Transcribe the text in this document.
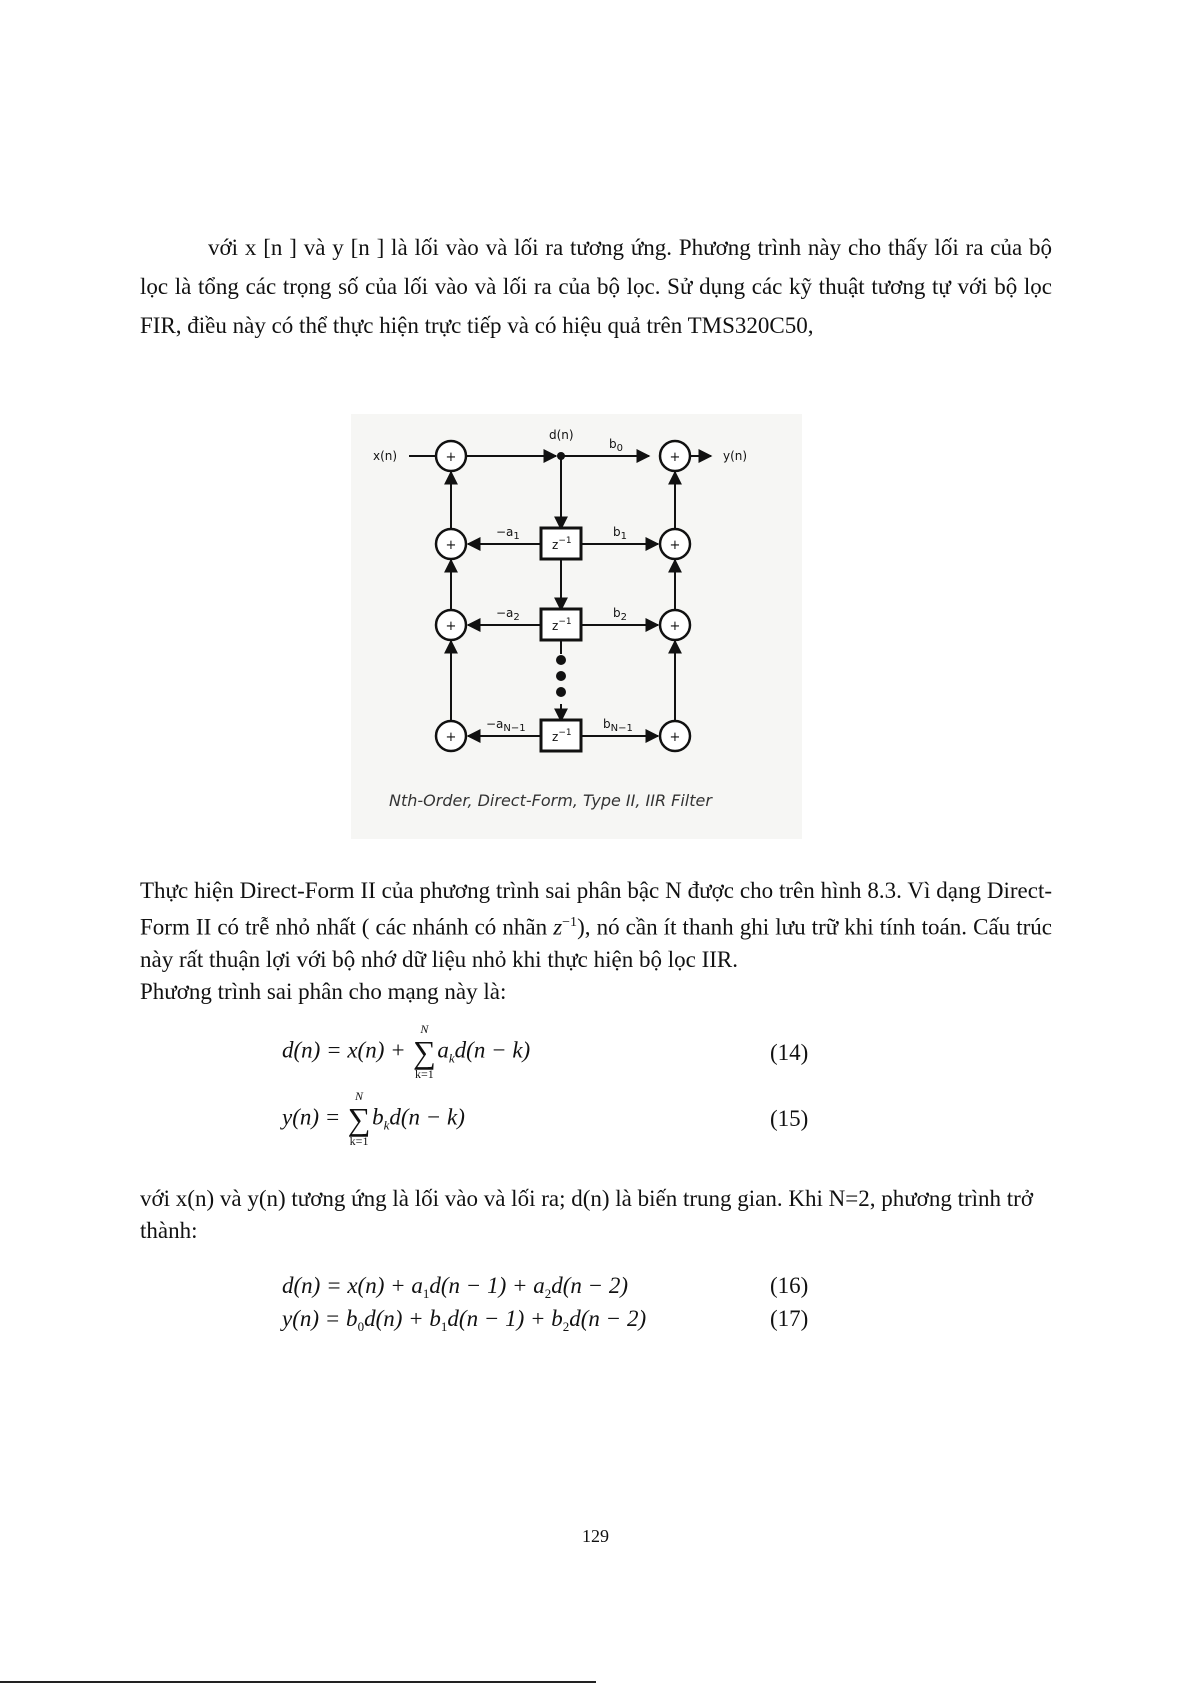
với x [n ] và y [n ] là lối vào và lối ra tương ứng. Phương trình này cho thấy lối ra của bộ lọc là tổng các trọng số của lối vào và lối ra của bộ lọc. Sử dụng các kỹ thuật tương tự với bộ lọc FIR, điều này có thể thực hiện trực tiếp và có hiệu quả trên TMS320C50,
+
+
+
+
+
+
+
+
$z^{-1}$
$z^{-1}$
$z^{-1}$
x(n)	y(n)
d(n)
$b_0$
$b_1$
$b_2$
$b_{N-1}$
$-a_1$
$-a_2$
$-a_{N-1}$
Nth-Order, Direct-Form, Type II, IIR Filter
Thực hiện Direct-Form II của phương trình sai phân bậc N được cho trên hình 8.3. Vì dạng Direct-Form II có trễ nhỏ nhất ( các nhánh có nhãn $z^{-1}$), nó cần ít thanh ghi lưu trữ khi tính toán. Cấu trúc này rất thuận lợi với bộ nhớ dữ liệu nhỏ khi thực hiện bộ lọc IIR.
Phương trình sai phân cho mạng này là:
d(n) = x(n) +
N
∑
k=1
$a_kd(n - k)$	(14)
y(n) =
N
∑
k=1
$b_kd(n - k)$	(15)
với x(n) và y(n) tương ứng là lối vào và lối ra; d(n) là biến trung gian. Khi N=2, phương trình trở thành:
$d(n) = x(n) + a_1d(n - 1) + a_2d(n - 2)$	(16)
$y(n) = b_0d(n) + b_1d(n - 1) + b_2d(n - 2)$	(17)
129
